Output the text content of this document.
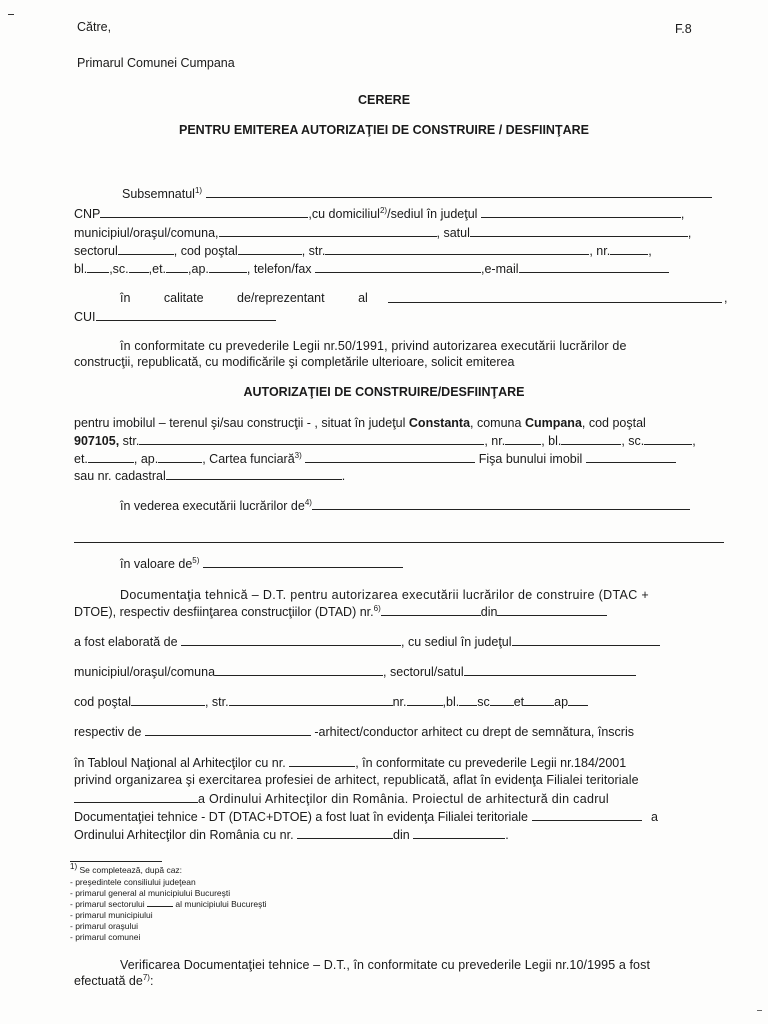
Către,	F.8
Primarul Comunei Cumpana
CERERE
PENTRU EMITEREA AUTORIZAŢIEI DE CONSTRUIRE / DESFIINŢARE
Subsemnatul$^{1)}$
CNP	,cu domiciliul$^{2)}$/sediul în judeţul	,
municipiul/oraşul/comuna,	, satul	,
sectorul	, cod poştal	, str.	, nr.	,
bl. ,sc. ,et. ,ap.	, telefon/fax	,e-mail
în	calitate	de/reprezentant	al	,
CUI
în conformitate cu prevederile Legii nr.50/1991, privind autorizarea executării lucrărilor de
construcţii, republicată, cu modificările şi completările ulterioare, solicit emiterea
AUTORIZAŢIEI DE CONSTRUIRE/DESFIINŢARE
pentru imobilul – terenul şi/sau construcţii - , situat în judeţul Constanta, comuna Cumpana, cod poştal
907105, str.	, nr.	, bl.	, sc.	,
et.	, ap.	, Cartea funciară$^{3)}$	Fişa bunului imobil
sau nr. cadastral	.
în vederea executării lucrărilor $de^{4)}$
în valoare $de^{5)}$
Documentaţia tehnică – D.T. pentru autorizarea executării lucrărilor de construire (DTAC +
DTOE), respectiv desfiinţarea construcţiilor (DTAD) nr.$^{6)}$	din
a fost elaborată de	, cu sediul în judeţul
municipiul/oraşul/comuna	, sectorul/satul
cod poştal	, str.	nr.	,bl. sc et ap
respectiv de	-arhitect/conductor arhitect cu drept de semnătura, înscris
în Tabloul Naţional al Arhitecţilor cu nr.	, în conformitate cu prevederile Legii nr.184/2001
privind organizarea şi exercitarea profesiei de arhitect, republicată, aflat în evidenţa Filialei teritoriale
a Ordinului Arhitecţilor din România. Proiectul de arhitectură din cadrul
Documentaţiei tehnice - DT (DTAC+DTOE) a fost luat în evidenţa Filialei teritoriale	a
Ordinului Arhitecţilor din România cu nr.	din	.
$^{1)}$ Se completează, după caz:
- preşedintele consiliului judeţean
- primarul general al municipiului Bucureşti
- primarul sectorului	al municipiului Bucureşti
- primarul municipiului
- primarul oraşului
- primarul comunei
Verificarea Documentaţiei tehnice – D.T., în conformitate cu prevederile Legii nr.10/1995 a fost
efectuată $de^{7)}$:
